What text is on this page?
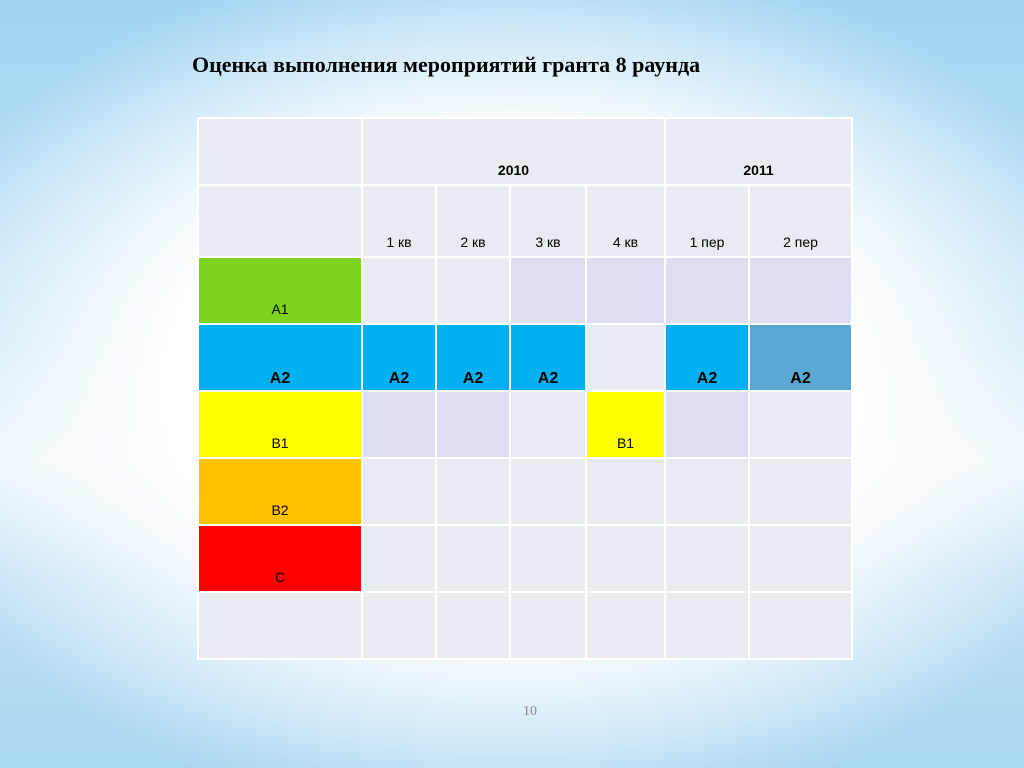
Оценка выполнения мероприятий гранта 8 раунда
	2010				2011	
	1 кв	2 кв	3 кв	4 кв	1 пер	2 пер
А1						
А2	А2	А2	А2		А2	А2
В1				В1		
В2						
С						

10
